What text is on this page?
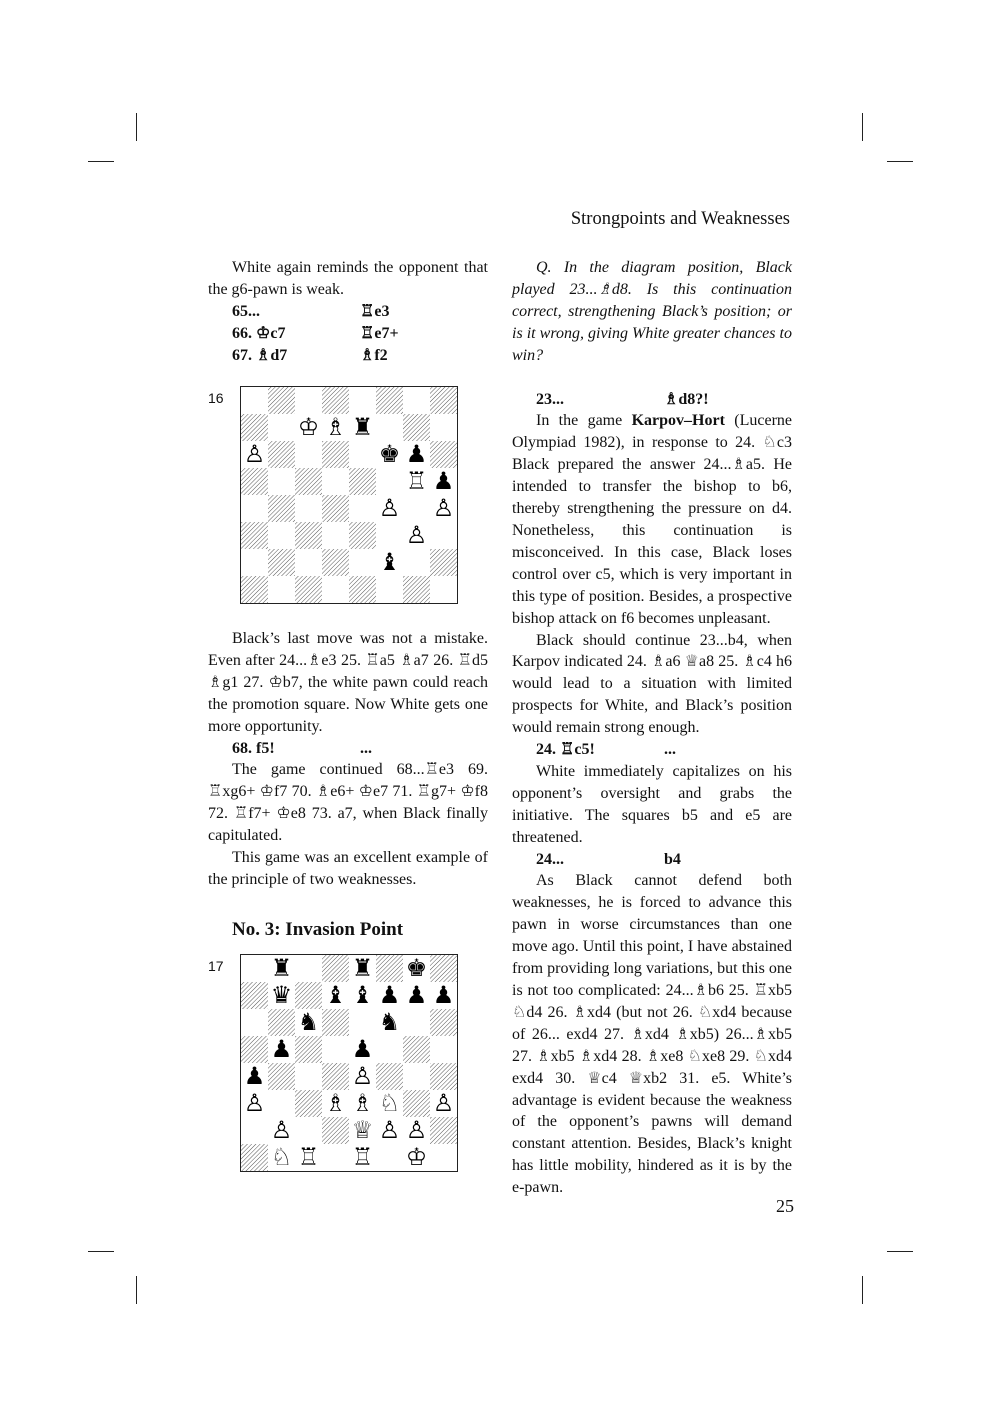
Strongpoints and Weaknesses

White again reminds the opponent that the g6-pawn is weak.

65...	♖e3
66. ♔c7	♖e7+
67. ♗d7	♗f2
16
♔ ♗ ♜
♙	♚ ♟
♖ ♟
♙ ♙
♙
♝

Black’s last move was not a mistake. Even after 24...♗e3 25. ♖a5 ♗a7 26. ♖d5 ♗g1 27. ♔b7, the white pawn could reach the promotion square. Now White gets one more opportunity.

68. f5!	...

The game continued 68...♖e3 69. ♖xg6+ ♔f7 70. ♗e6+ ♔e7 71. ♖g7+ ♔f8 72. ♖f7+ ♔e8 73. a7, when Black finally capitulated.

This game was an excellent example of the principle of two weaknesses.

No. 3: Invasion Point

17 ♜ ♜ ♚
♛ ♝ ♝ ♟ ♟ ♟
♞ ♞
♟ ♟
♟	♙
♙ ♗ ♗ ♘ ♙
♙ ♕ ♙ ♙
♘ ♖ ♖ ♔

Q. In the diagram position, Black played 23...♗d8. Is this continuation correct, strengthening Black’s position; or is it wrong, giving White greater chances to win?

23...	♗d8?!

In the game Karpov–Hort (Lucerne Olympiad 1982), in response to 24. ♘c3 Black prepared the answer 24...♗a5. He intended to transfer the bishop to b6, thereby strengthening the pressure on d4. Nonetheless, this continuation is misconceived. In this case, Black loses control over c5, which is very important in this type of position. Besides, a prospective bishop attack on f6 becomes unpleasant.

Black should continue 23...b4, when Karpov indicated 24. ♗a6 ♕a8 25. ♗c4 h6 would lead to a situation with limited prospects for White, and Black’s position would remain strong enough.

24. ♖c5!	...

White immediately capitalizes on his opponent’s oversight and grabs the initiative. The squares b5 and e5 are threatened.

24...	b4

As Black cannot defend both weaknesses, he is forced to advance this pawn in worse circumstances than one move ago. Until this point, I have abstained from providing long variations, but this one is not too complicated: 24...♗b6 25. ♖xb5 ♘d4 26. ♗xd4 (but not 26. ♘xd4 because of 26... exd4 27. ♗xd4 ♗xb5) 26...♗xb5 27. ♗xb5 ♗xd4 28. ♗xe8 ♘xe8 29. ♘xd4 exd4 30. ♕c4 ♕xb2 31. e5. White’s advantage is evident because the weakness of the opponent’s pawns will demand constant attention. Besides, Black’s knight has little mobility, hindered as it is by the e-pawn.

25
